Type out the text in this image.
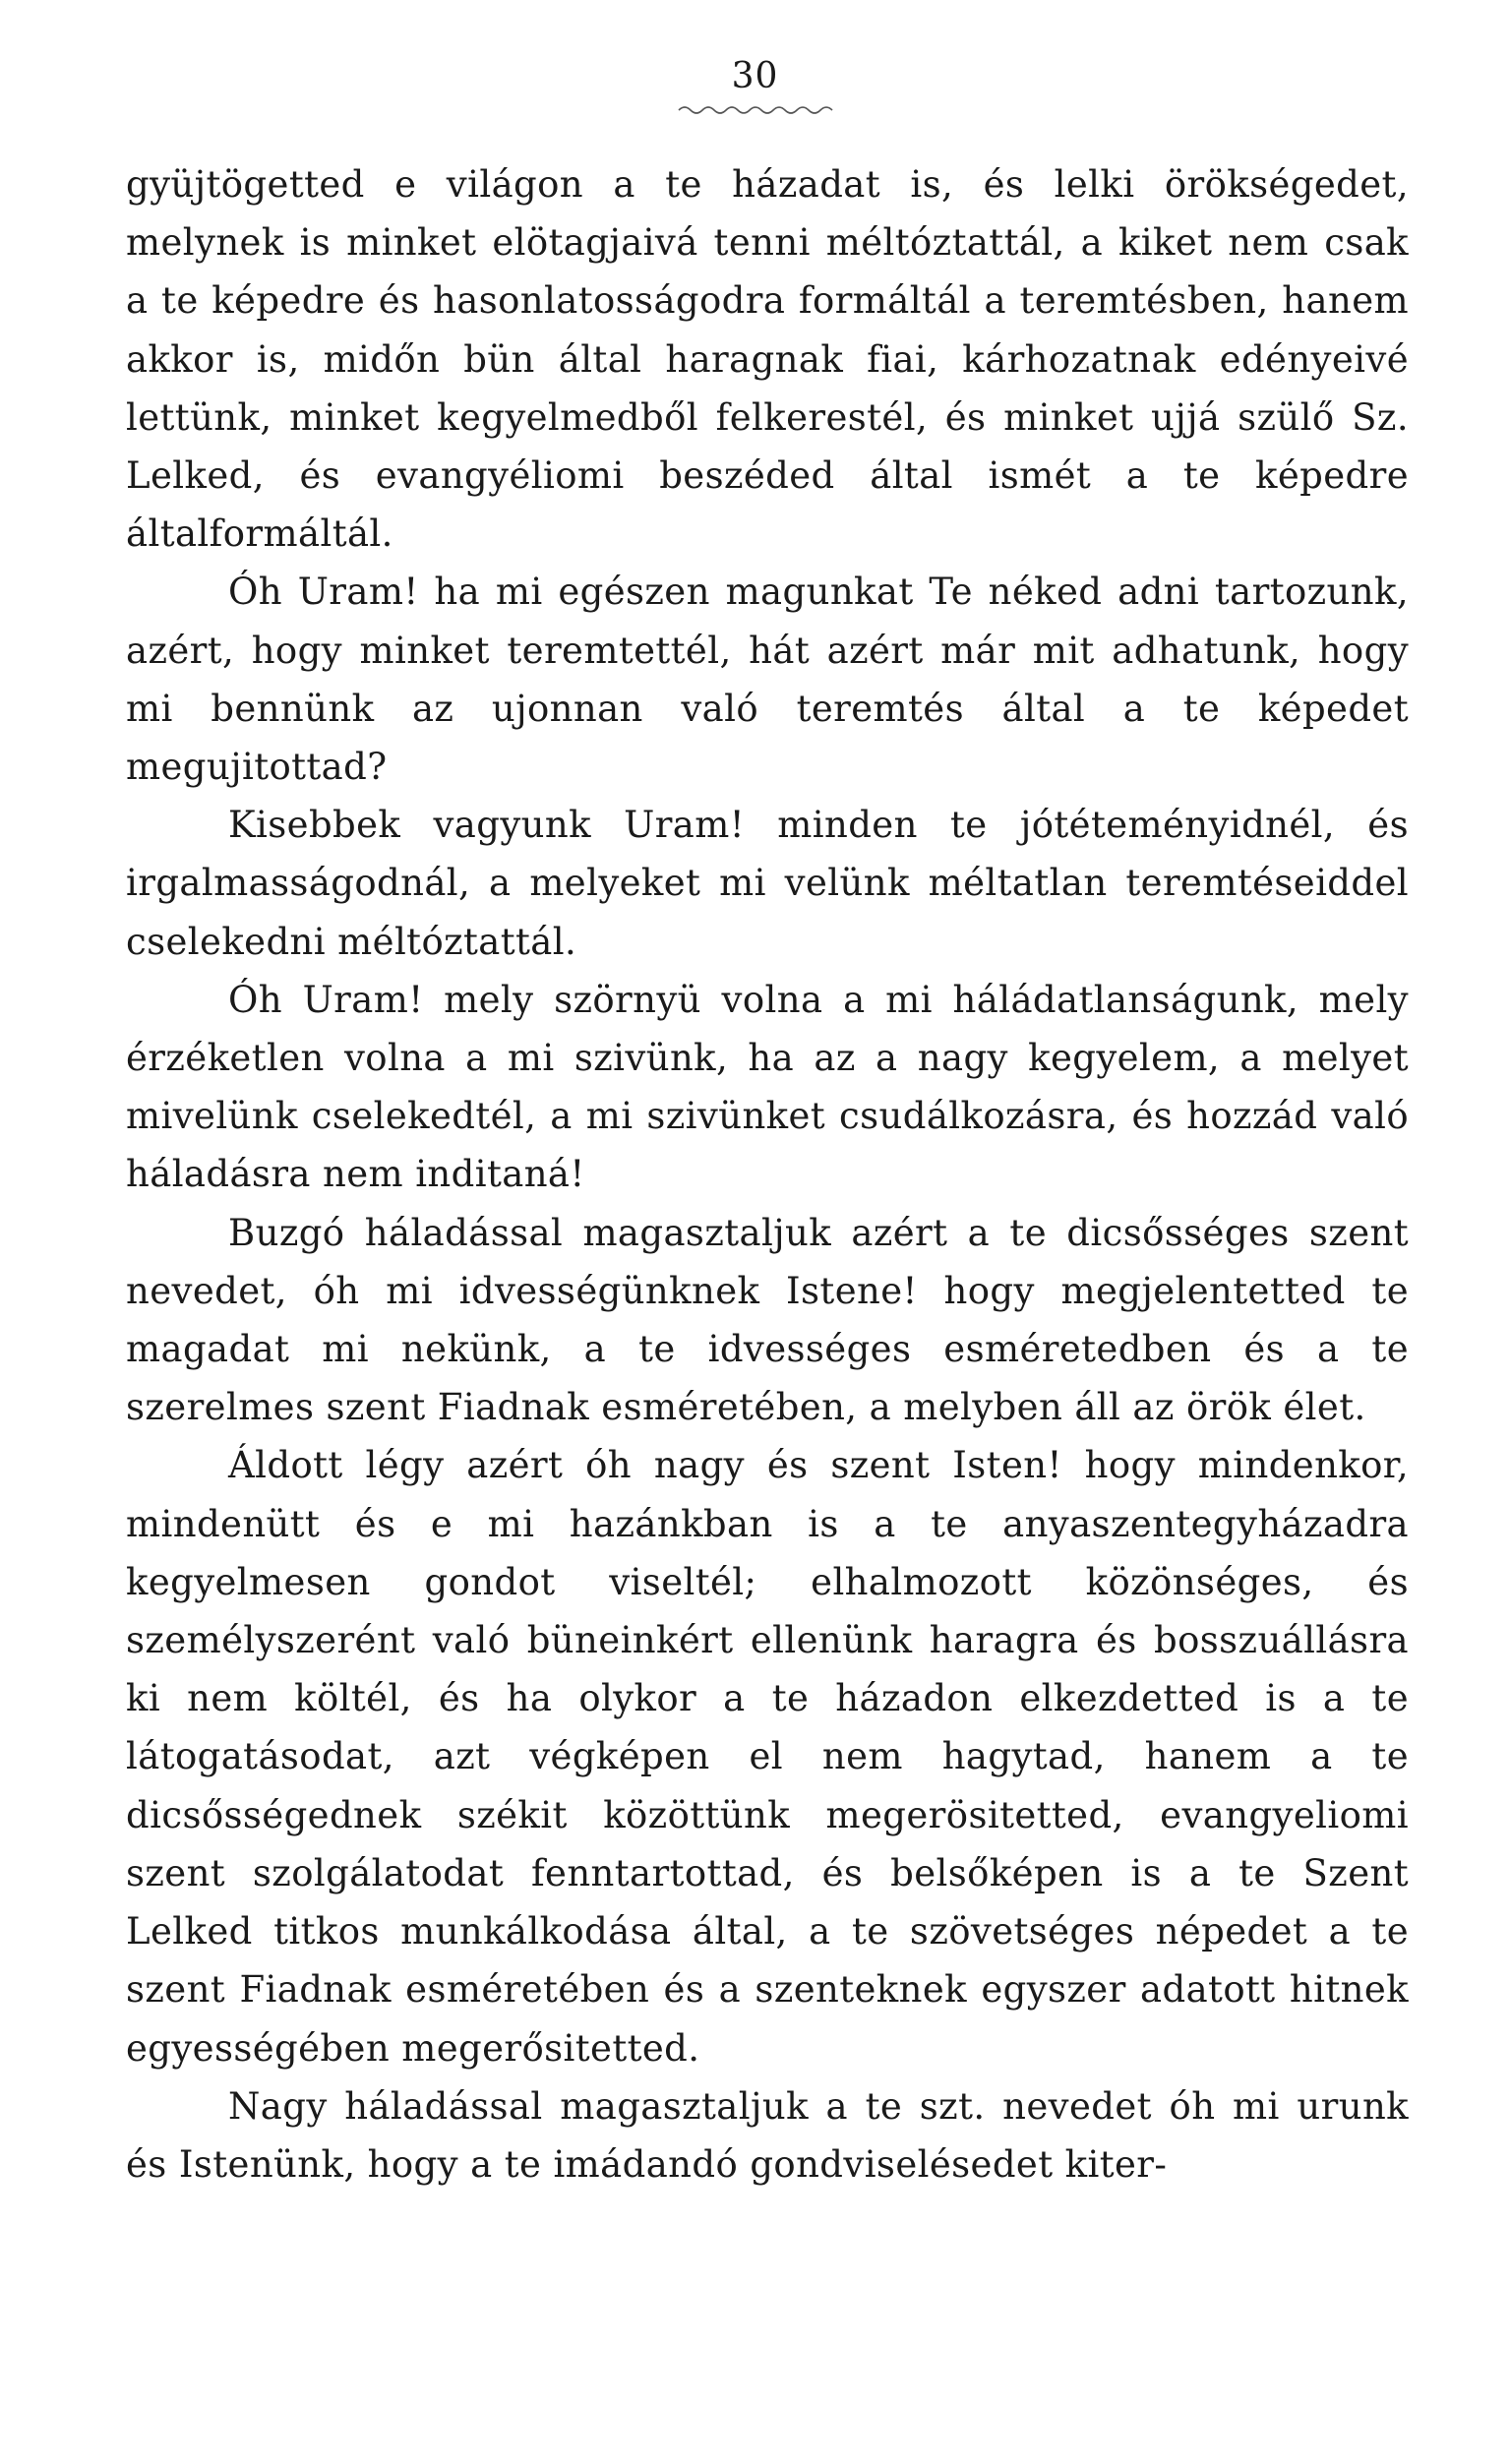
30

gyüjtögetted e világon a te házadat is, és lelki örökségedet, melynek is minket elötagjaivá tenni méltóztattál, a kiket nem csak a te képedre és hasonlatosságodra formáltál a teremtésben, hanem akkor is, midőn bün által haragnak fiai, kárhozatnak edényeivé lettünk, minket kegyelmedből felkerestél, és minket ujjá szülő Sz. Lelked, és evangyéliomi beszéded által ismét a te képedre általformáltál.

Óh Uram! ha mi egészen magunkat Te néked adni tartozunk, azért, hogy minket teremtettél, hát azért már mit adhatunk, hogy mi bennünk az ujonnan való teremtés által a te képedet megujitottad?

Kisebbek vagyunk Uram! minden te jótéteményidnél, és irgalmasságodnál, a melyeket mi velünk méltatlan teremtéseiddel cselekedni méltóztattál.

Óh Uram! mely szörnyü volna a mi háládatlanságunk, mely érzéketlen volna a mi szivünk, ha az a nagy kegyelem, a melyet mivelünk cselekedtél, a mi szivünket csudálkozásra, és hozzád való háladásra nem inditaná!

Buzgó háladással magasztaljuk azért a te dicsősséges szent nevedet, óh mi idvességünknek Istene! hogy megjelentetted te magadat mi nekünk, a te idvességes esméretedben és a te szerelmes szent Fiadnak esméretében, a melyben áll az örök élet.

Áldott légy azért óh nagy és szent Isten! hogy mindenkor, mindenütt és e mi hazánkban is a te anyaszentegyházadra kegyelmesen gondot viseltél; elhalmozott közönséges, és személyszerént való büneinkért ellenünk haragra és bosszuállásra ki nem költél, és ha olykor a te házadon elkezdetted is a te látogatásodat, azt végképen el nem hagytad, hanem a te dicsősségednek székit közöttünk megerösitetted, evangyeliomi szent szolgálatodat fenntartottad, és belsőképen is a te Szent Lelked titkos munkálkodása által, a te szövetséges népedet a te szent Fiadnak esméretében és a szenteknek egyszer adatott hitnek egyességében megerősitetted.

Nagy háladással magasztaljuk a te szt. nevedet óh mi urunk és Istenünk, hogy a te imádandó gondviselésedet kiter-
